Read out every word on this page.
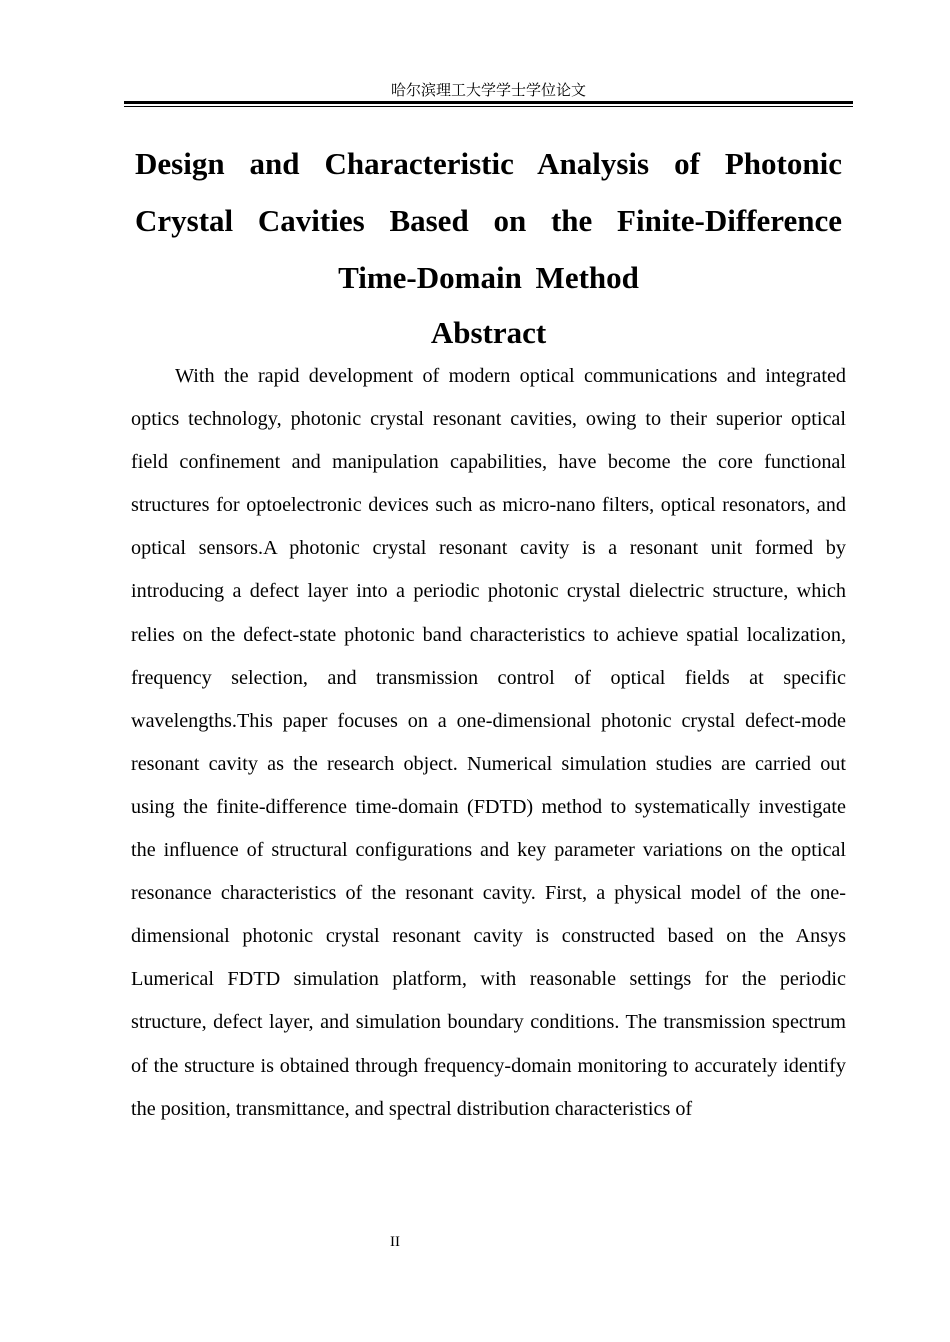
哈尔滨理工大学学士学位论文
Design and Characteristic Analysis of Photonic Crystal Cavities Based on the Finite-Difference Time-Domain Method
Abstract

With the rapid development of modern optical communications and integrated optics technology, photonic crystal resonant cavities, owing to their superior optical field confinement and manipulation capabilities, have become the core functional structures for optoelectronic devices such as micro-nano filters, optical resonators, and optical sensors.A photonic crystal resonant cavity is a resonant unit formed by introducing a defect layer into a periodic photonic crystal dielectric structure, which relies on the defect-state photonic band characteristics to achieve spatial localization, frequency selection, and transmission control of optical fields at specific wavelengths.This paper focuses on a one-dimensional photonic crystal defect-mode resonant cavity as the research object. Numerical simulation studies are carried out using the finite-difference time-domain (FDTD) method to systematically investigate the influence of structural configurations and key parameter variations on the optical resonance characteristics of the resonant cavity. First, a physical model of the one-dimensional photonic crystal resonant cavity is constructed based on the Ansys Lumerical FDTD simulation platform, with reasonable settings for the periodic structure, defect layer, and simulation boundary conditions. The transmission spectrum of the structure is obtained through frequency-domain monitoring to accurately identify the position, transmittance, and spectral distribution characteristics of

II
